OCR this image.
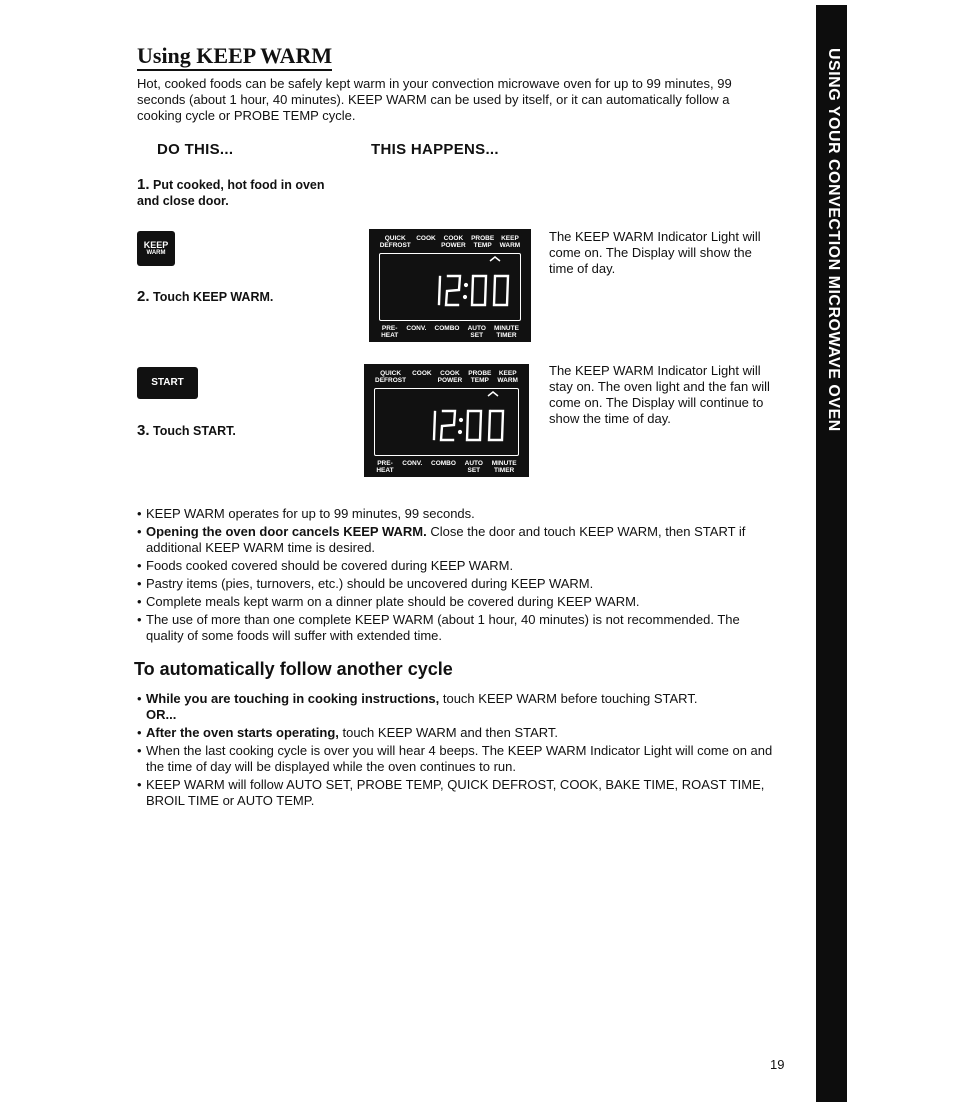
Using KEEP WARM
Hot, cooked foods can be safely kept warm in your convection microwave oven for up to 99 minutes, 99 seconds (about 1 hour, 40 minutes). KEEP WARM can be used by itself, or it can automatically follow a cooking cycle or PROBE TEMP cycle.
DO THIS...	THIS HAPPENS...
1. Put cooked, hot food in oven and close door.
KEEP
WARM
2. Touch KEEP WARM.
START
3. Touch START.
QUICK
DEFROST
COOK	COOK
POWER
PROBE
TEMP
KEEP
WARM
PRE-
HEAT
CONV. COMBO AUTO
SET
MINUTE
TIMER
QUICK
DEFROST
COOK	COOK
POWER
PROBE
TEMP
KEEP
WARM
PRE-
HEAT
CONV. COMBO AUTO
SET
MINUTE
TIMER
The KEEP WARM Indicator Light will come on. The Display will show the time of day.
The KEEP WARM Indicator Light will stay on. The oven light and the fan will come on. The Display will continue to show the time of day.
• KEEP WARM operates for up to 99 minutes, 99 seconds.
• Opening the oven door cancels KEEP WARM. Close the door and touch KEEP WARM, then START if additional KEEP WARM time is desired.
• Foods cooked covered should be covered during KEEP WARM.
• Pastry items (pies, turnovers, etc.) should be uncovered during KEEP WARM.
• Complete meals kept warm on a dinner plate should be covered during KEEP WARM.
• The use of more than one complete KEEP WARM (about 1 hour, 40 minutes) is not recommended. The quality of some foods will suffer with extended time.
To automatically follow another cycle
• While you are touching in cooking instructions, touch KEEP WARM before touching START.
OR...
• After the oven starts operating, touch KEEP WARM and then START.
• When the last cooking cycle is over you will hear 4 beeps. The KEEP WARM Indicator Light will come on and the time of day will be displayed while the oven continues to run.
• KEEP WARM will follow AUTO SET, PROBE TEMP, QUICK DEFROST, COOK, BAKE TIME, ROAST TIME, BROIL TIME or AUTO TEMP.
USING YOUR CONVECTION MICROWAVE OVEN
19
